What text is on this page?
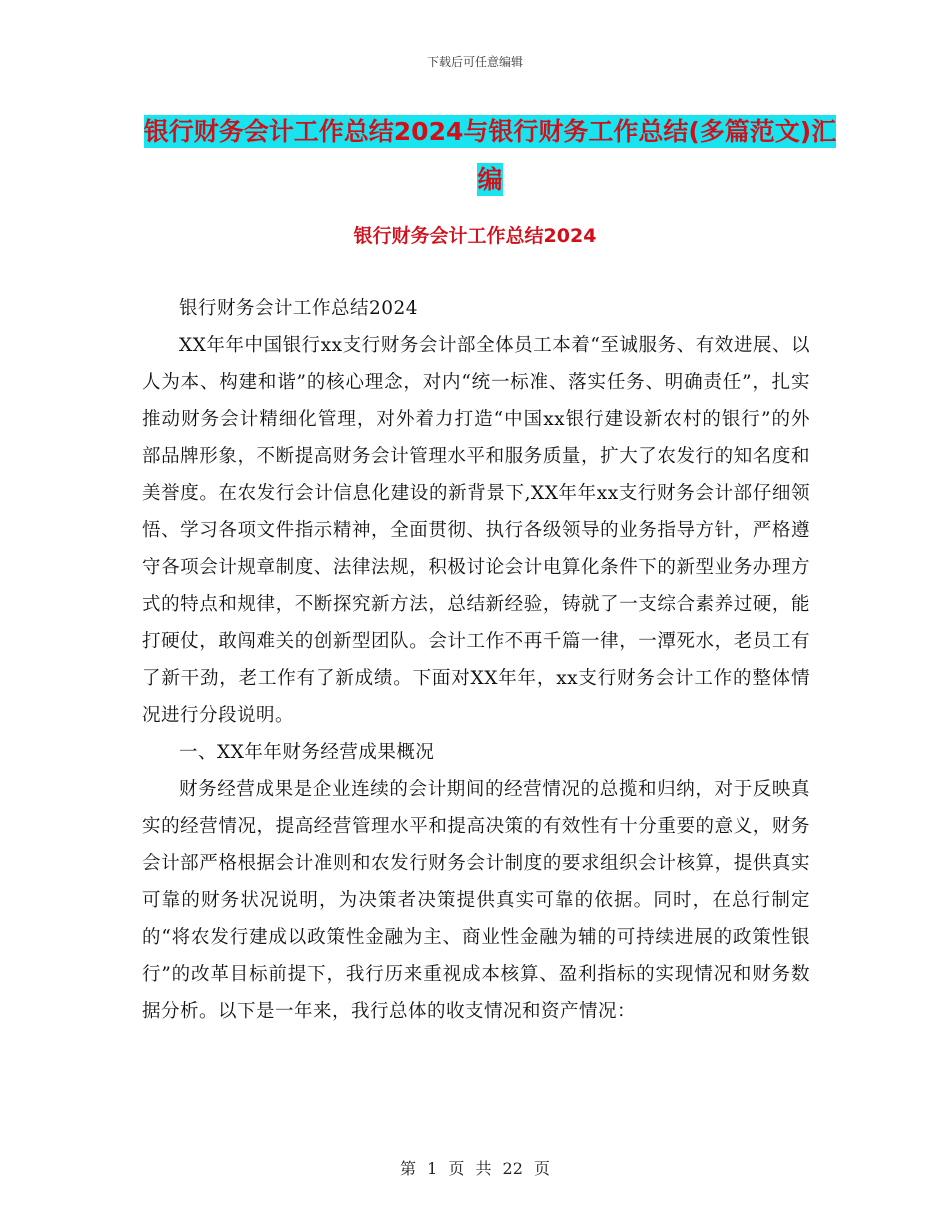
下载后可任意编辑
银行财务会计工作总结2024与银行财务工作总结(多篇范文)汇编
银行财务会计工作总结2024

银行财务会计工作总结2024

XX年年中国银行xx支行财务会计部全体员工本着“至诚服务、有效进展、以人为本、构建和谐”的核心理念，对内“统一标准、落实任务、明确责任”，扎实推动财务会计精细化管理，对外着力打造“中国xx银行建设新农村的银行”的外部品牌形象，不断提高财务会计管理水平和服务质量，扩大了农发行的知名度和美誉度。在农发行会计信息化建设的新背景下,XX年年xx支行财务会计部仔细领悟、学习各项文件指示精神，全面贯彻、执行各级领导的业务指导方针，严格遵守各项会计规章制度、法律法规，积极讨论会计电算化条件下的新型业务办理方式的特点和规律，不断探究新方法，总结新经验，铸就了一支综合素养过硬，能打硬仗，敢闯难关的创新型团队。会计工作不再千篇一律，一潭死水，老员工有了新干劲，老工作有了新成绩。下面对XX年年，xx支行财务会计工作的整体情况进行分段说明。

一、XX年年财务经营成果概况

财务经营成果是企业连续的会计期间的经营情况的总揽和归纳，对于反映真实的经营情况，提高经营管理水平和提高决策的有效性有十分重要的意义，财务会计部严格根据会计准则和农发行财务会计制度的要求组织会计核算，提供真实可靠的财务状况说明，为决策者决策提供真实可靠的依据。同时，在总行制定的“将农发行建成以政策性金融为主、商业性金融为辅的可持续进展的政策性银行”的改革目标前提下，我行历来重视成本核算、盈利指标的实现情况和财务数据分析。以下是一年来，我行总体的收支情况和资产情况：

第 1 页 共 22 页
